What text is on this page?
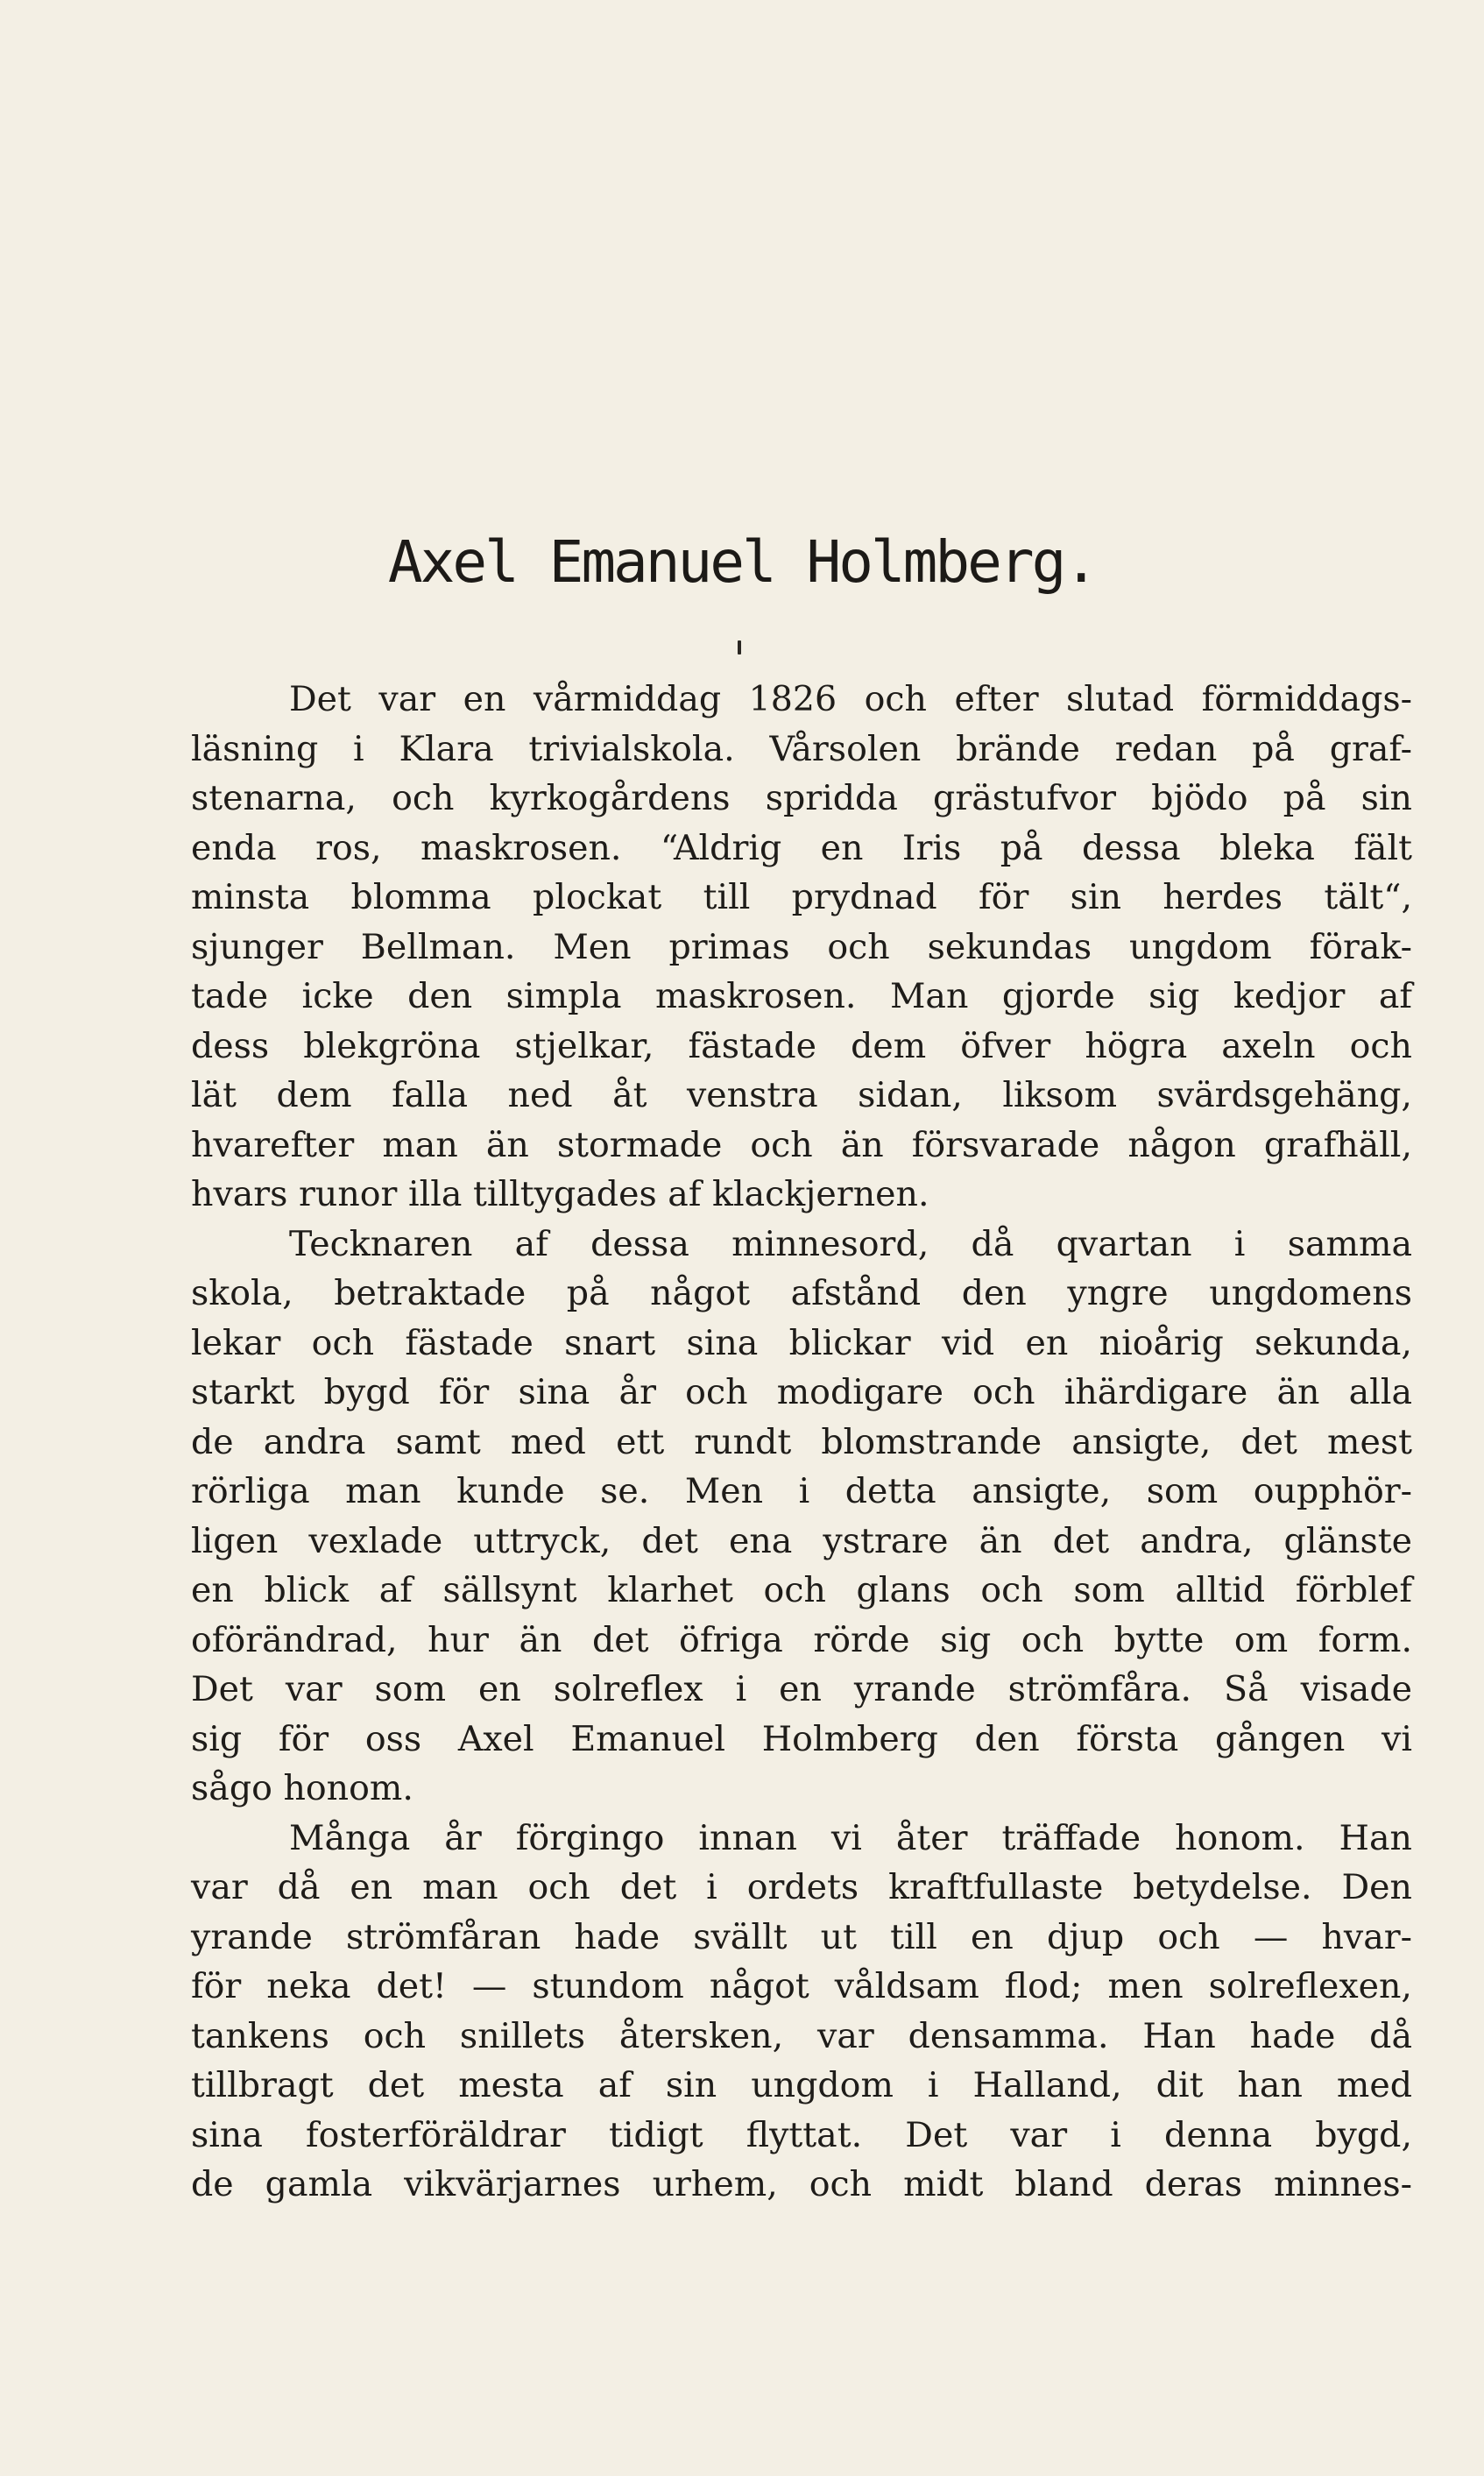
Axel Emanuel Holmberg.
Det var en vårmiddag 1826 och efter slutad förmiddags-
läsning i Klara trivialskola. Vårsolen brände redan på graf-
stenarna, och kyrkogårdens spridda grästufvor bjödo på sin
enda ros, maskrosen. “Aldrig en Iris på dessa bleka fält
minsta blomma plockat till prydnad för sin herdes tält“,
sjunger Bellman. Men primas och sekundas ungdom förak-
tade icke den simpla maskrosen. Man gjorde sig kedjor af
dess blekgröna stjelkar, fästade dem öfver högra axeln och
lät dem falla ned åt venstra sidan, liksom svärdsgehäng,
hvarefter man än stormade och än försvarade någon grafhäll,
hvars runor illa tilltygades af klackjernen.
Tecknaren af dessa minnesord, då qvartan i samma
skola, betraktade på något afstånd den yngre ungdomens
lekar och fästade snart sina blickar vid en nioårig sekunda,
starkt bygd för sina år och modigare och ihärdigare än alla
de andra samt med ett rundt blomstrande ansigte, det mest
rörliga man kunde se. Men i detta ansigte, som oupphör-
ligen vexlade uttryck, det ena ystrare än det andra, glänste
en blick af sällsynt klarhet och glans och som alltid förblef
oförändrad, hur än det öfriga rörde sig och bytte om form.
Det var som en solreflex i en yrande strömfåra. Så visade
sig för oss Axel Emanuel Holmberg den första gången vi
sågo honom.
Många år förgingo innan vi åter träffade honom. Han
var då en man och det i ordets kraftfullaste betydelse. Den
yrande strömfåran hade svällt ut till en djup och — hvar-
för neka det! — stundom något våldsam flod; men solreflexen,
tankens och snillets återsken, var densamma. Han hade då
tillbragt det mesta af sin ungdom i Halland, dit han med
sina fosterföräldrar tidigt flyttat. Det var i denna bygd,
de gamla vikvärjarnes urhem, och midt bland deras minnes-
